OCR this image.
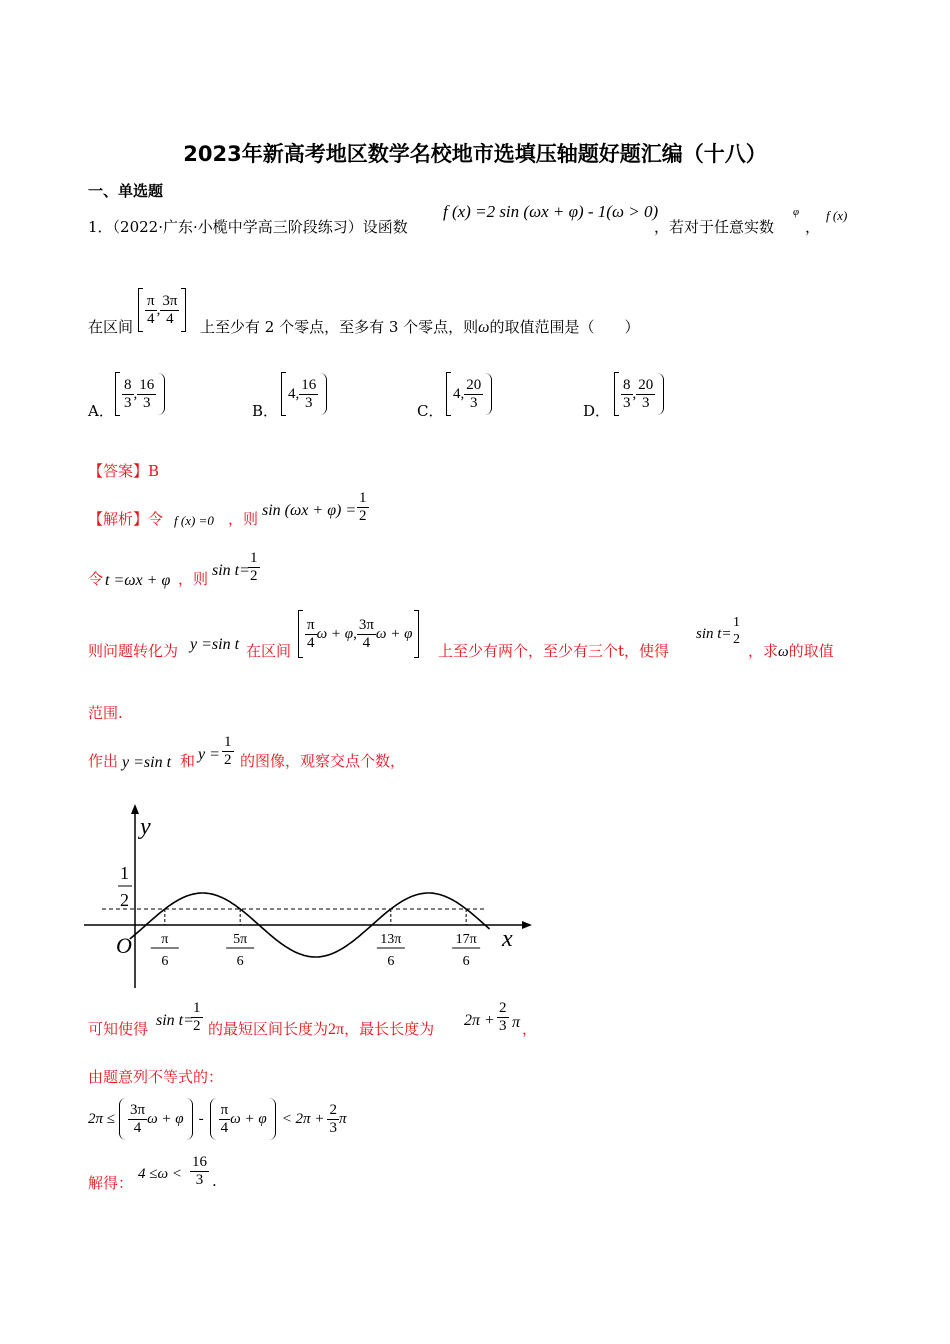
2023年新高考地区数学名校地市选填压轴题好题汇编（十八）
一、单选题
1．（2022·广东·小榄中学高三阶段练习）设函数
f (x) =2 sin (ωx + φ) - 1(ω > 0)
，若对于任意实数
φ
，
f (x)
在区间 $\frac{\pi}{4}$ , $\frac{3\pi}{4}$ 上至少有 2 个零点，至多有 3 个零点，则ω的取值范围是（　　）
A． $\frac{8}{3}$ , $\frac{16}{3}$	B．
4, $\frac{16}{3}$	C．
4, $\frac{20}{3}$	D． $\frac{8}{3}$ , $\frac{20}{3}$
【答案】B
【解析】令 f (x) =0 ，则 $\sin (\omega x + \varphi) = \frac{1}{2}$
令 t =ωx + φ ，则 sin t=
$\frac{1}{2}$
则问题转化为 y =sin t 在区间 $\frac{\pi}{4}$ ω + φ , $\frac{3\pi}{4}$ ω + φ
上至少有两个，至少有三个t，使得
sin t=
1
2
，求ω的取值
范围.
作出 y =sin t 和 $y = \frac{1}{2}$ 的图像，观察交点个数，
y
x
O
1
2
π
6
5π
6
13π
6
17π
6
可知使得 sin t=
$\frac{1}{2}$ 的最短区间长度为2π，最长长度为 $2\pi + \frac{2}{3}$ π ，
由题意列不等式的：
$2\pi \le \frac{3\pi}{4}$ $\omega + \varphi - \frac{\pi}{4}$ $\omega + \varphi < 2\pi + \frac{2}{3}$ π
解得： $4 \le\omega < \frac{16}{3}$ .
